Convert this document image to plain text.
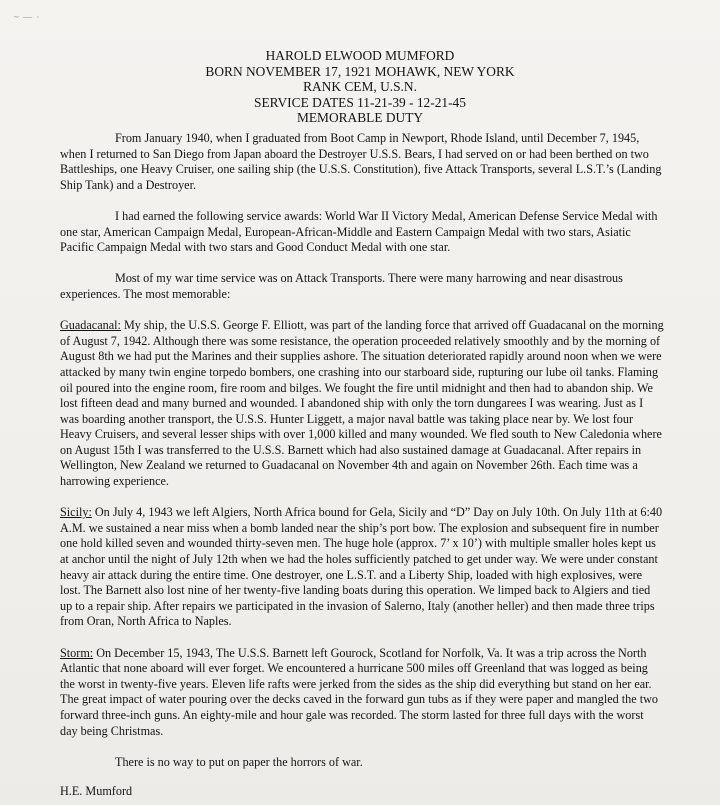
~ — ·
HAROLD ELWOOD MUMFORD
BORN NOVEMBER 17, 1921 MOHAWK, NEW YORK
RANK CEM, U.S.N.
SERVICE DATES 11-21-39 - 12-21-45
MEMORABLE DUTY

From January 1940, when I graduated from Boot Camp in Newport, Rhode Island, until December 7, 1945, when I returned to San Diego from Japan aboard the Destroyer U.S.S. Bears, I had served on or had been berthed on two Battleships, one Heavy Cruiser, one sailing ship (the U.S.S. Constitution), five Attack Transports, several L.S.T.’s (Landing Ship Tank) and a Destroyer.

I had earned the following service awards: World War II Victory Medal, American Defense Service Medal with one star, American Campaign Medal, European-African-Middle and Eastern Campaign Medal with two stars, Asiatic Pacific Campaign Medal with two stars and Good Conduct Medal with one star.

Most of my war time service was on Attack Transports. There were many harrowing and near disastrous experiences. The most memorable:

Guadacanal: My ship, the U.S.S. George F. Elliott, was part of the landing force that arrived off Guadacanal on the morning of August 7, 1942. Although there was some resistance, the operation proceeded relatively smoothly and by the morning of August 8th we had put the Marines and their supplies ashore. The situation deteriorated rapidly around noon when we were attacked by many twin engine torpedo bombers, one crashing into our starboard side, rupturing our lube oil tanks. Flaming oil poured into the engine room, fire room and bilges. We fought the fire until midnight and then had to abandon ship. We lost fifteen dead and many burned and wounded. I abandoned ship with only the torn dungarees I was wearing. Just as I was boarding another transport, the U.S.S. Hunter Liggett, a major naval battle was taking place near by. We lost four Heavy Cruisers, and several lesser ships with over 1,000 killed and many wounded. We fled south to New Caledonia where on August 15th I was transferred to the U.S.S. Barnett which had also sustained damage at Guadacanal. After repairs in Wellington, New Zealand we returned to Guadacanal on November 4th and again on November 26th. Each time was a harrowing experience.

Sicily: On July 4, 1943 we left Algiers, North Africa bound for Gela, Sicily and “D” Day on July 10th. On July 11th at 6:40 A.M. we sustained a near miss when a bomb landed near the ship’s port bow. The explosion and subsequent fire in number one hold killed seven and wounded thirty-seven men. The huge hole (approx. 7’ x 10’) with multiple smaller holes kept us at anchor until the night of July 12th when we had the holes sufficiently patched to get under way. We were under constant heavy air attack during the entire time. One destroyer, one L.S.T. and a Liberty Ship, loaded with high explosives, were lost. The Barnett also lost nine of her twenty-five landing boats during this operation. We limped back to Algiers and tied up to a repair ship. After repairs we participated in the invasion of Salerno, Italy (another heller) and then made three trips from Oran, North Africa to Naples.

Storm: On December 15, 1943, The U.S.S. Barnett left Gourock, Scotland for Norfolk, Va. It was a trip across the North Atlantic that none aboard will ever forget. We encountered a hurricane 500 miles off Greenland that was logged as being the worst in twenty-five years. Eleven life rafts were jerked from the sides as the ship did everything but stand on her ear. The great impact of water pouring over the decks caved in the forward gun tubs as if they were paper and mangled the two forward three-inch guns. An eighty-mile and hour gale was recorded. The storm lasted for three full days with the worst day being Christmas.

There is no way to put on paper the horrors of war.

H.E. Mumford
